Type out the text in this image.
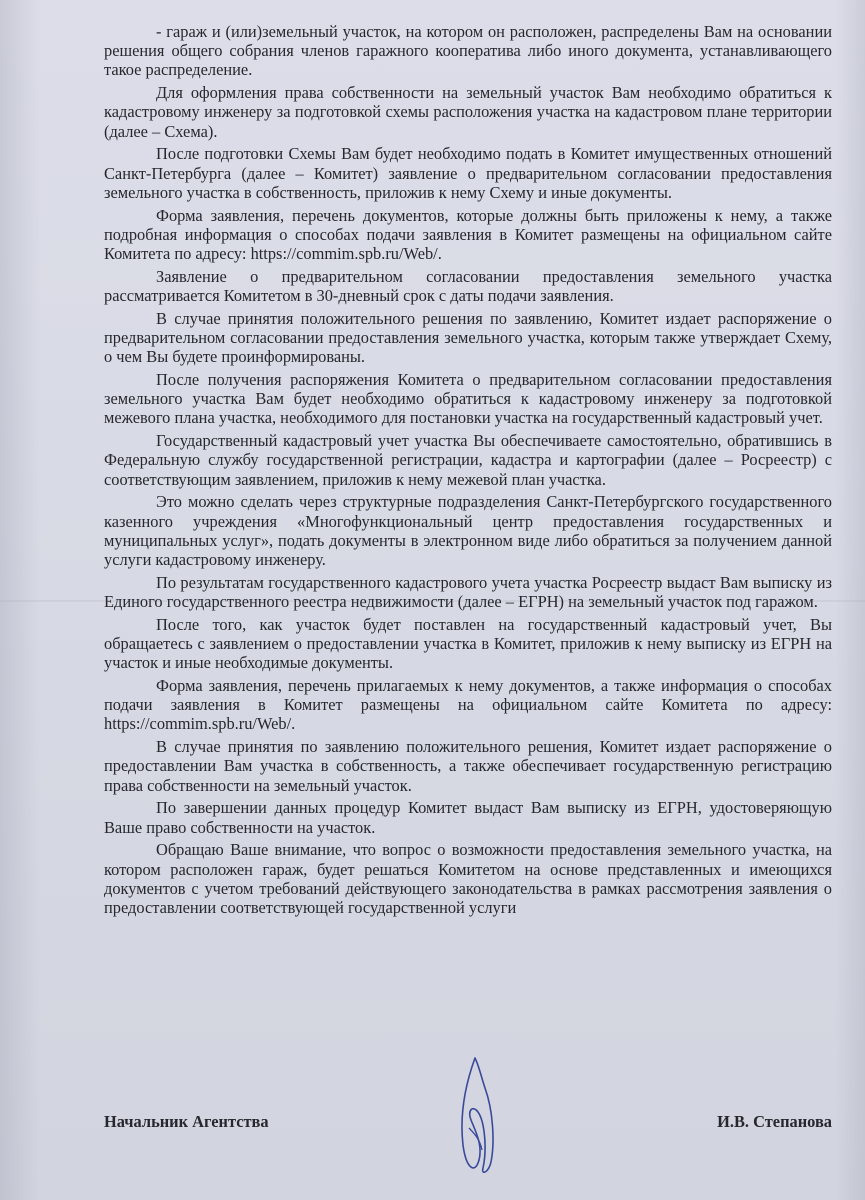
- гараж и (или)земельный участок, на котором он расположен, распределены Вам на основании решения общего собрания членов гаражного кооператива либо иного документа, устанавливающего такое распределение.

Для оформления права собственности на земельный участок Вам необходимо обратиться к кадастровому инженеру за подготовкой схемы расположения участка на кадастровом плане территории (далее – Схема).

После подготовки Схемы Вам будет необходимо подать в Комитет имущественных отношений Санкт-Петербурга (далее – Комитет) заявление о предварительном согласовании предоставления земельного участка в собственность, приложив к нему Схему и иные документы.

Форма заявления, перечень документов, которые должны быть приложены к нему, а также подробная информация о способах подачи заявления в Комитет размещены на официальном сайте Комитета по адресу: https://commim.spb.ru/Web/.

Заявление о предварительном согласовании предоставления земельного участка рассматривается Комитетом в 30-дневный срок с даты подачи заявления.

В случае принятия положительного решения по заявлению, Комитет издает распоряжение о предварительном согласовании предоставления земельного участка, которым также утверждает Схему, о чем Вы будете проинформированы.

После получения распоряжения Комитета о предварительном согласовании предоставления земельного участка Вам будет необходимо обратиться к кадастровому инженеру за подготовкой межевого плана участка, необходимого для постановки участка на государственный кадастровый учет.

Государственный кадастровый учет участка Вы обеспечиваете самостоятельно, обратившись в Федеральную службу государственной регистрации, кадастра и картографии (далее – Росреестр) с соответствующим заявлением, приложив к нему межевой план участка.

Это можно сделать через структурные подразделения Санкт-Петербургского государственного казенного учреждения «Многофункциональный центр предоставления государственных и муниципальных услуг», подать документы в электронном виде либо обратиться за получением данной услуги кадастровому инженеру.

По результатам государственного кадастрового учета участка Росреестр выдаст Вам выписку из Единого государственного реестра недвижимости (далее – ЕГРН) на земельный участок под гаражом.

После того, как участок будет поставлен на государственный кадастровый учет, Вы обращаетесь с заявлением о предоставлении участка в Комитет, приложив к нему выписку из ЕГРН на участок и иные необходимые документы.

Форма заявления, перечень прилагаемых к нему документов, а также информация о способах подачи заявления в Комитет размещены на официальном сайте Комитета по адресу: https://commim.spb.ru/Web/.

В случае принятия по заявлению положительного решения, Комитет издает распоряжение о предоставлении Вам участка в собственность, а также обеспечивает государственную регистрацию права собственности на земельный участок.

По завершении данных процедур Комитет выдаст Вам выписку из ЕГРН, удостоверяющую Ваше право собственности на участок.

Обращаю Ваше внимание, что вопрос о возможности предоставления земельного участка, на котором расположен гараж, будет решаться Комитетом на основе представленных и имеющихся документов с учетом требований действующего законодательства в рамках рассмотрения заявления о предоставлении соответствующей государственной услуги

Начальник Агентства	И.В. Степанова
